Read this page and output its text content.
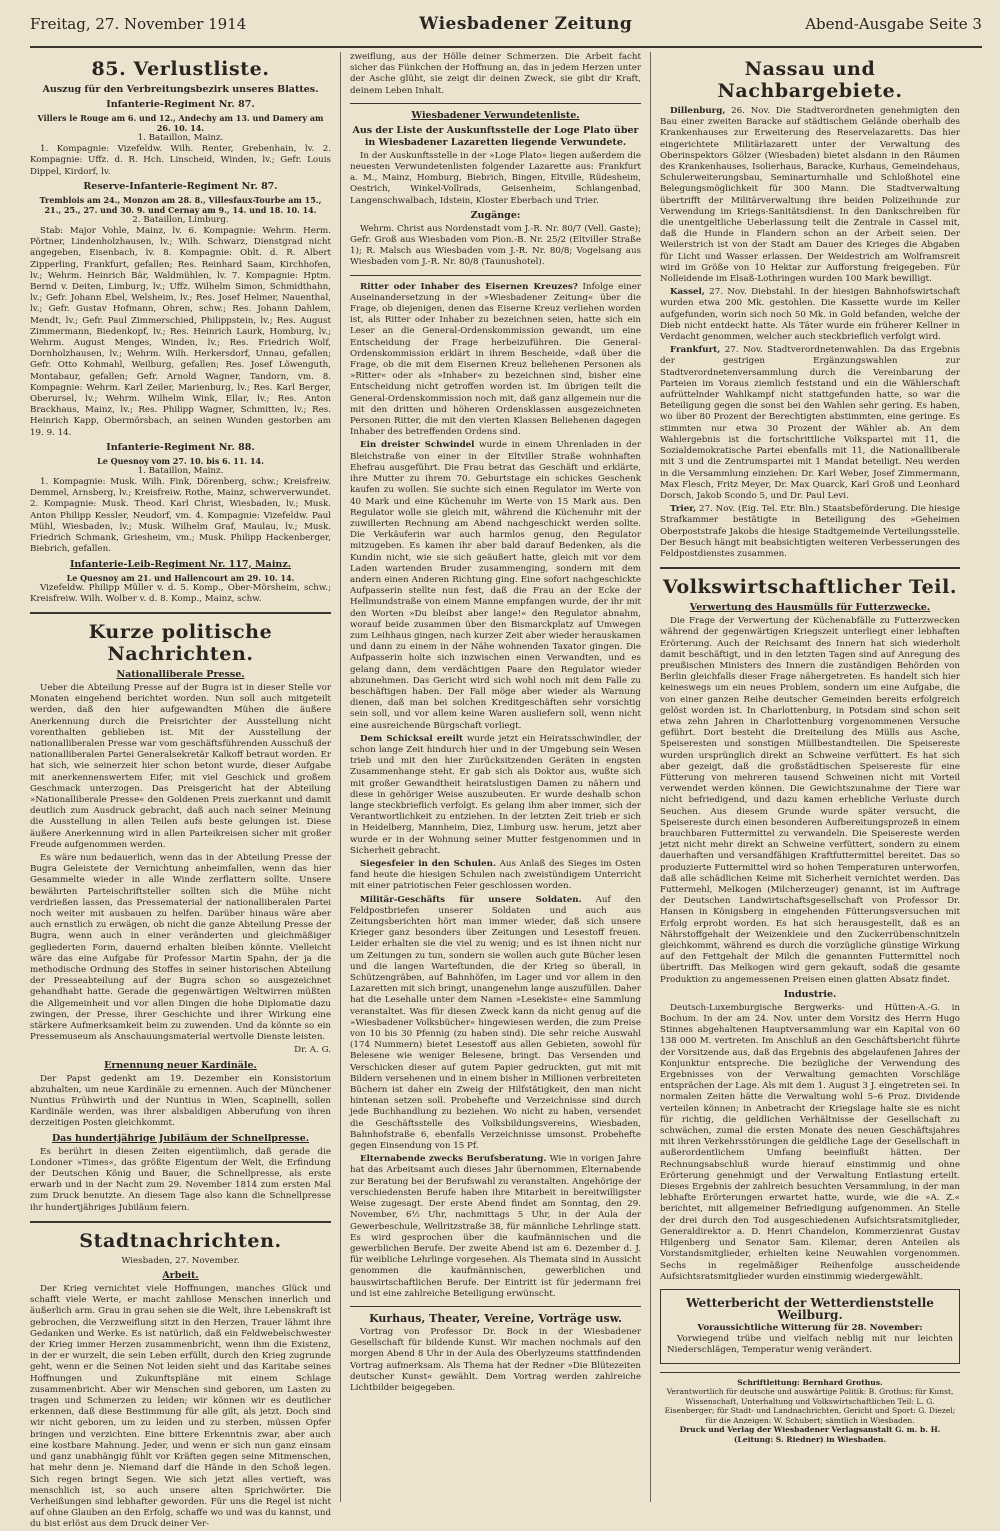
Freitag, 27. November 1914	Wiesbadener Zeitung	Abend-Ausgabe Seite 3
85. Verlustliste.
Auszug für den Verbreitungsbezirk unseres Blattes.
Infanterie-Regiment Nr. 87.
Villers le Rouge am 6. und 12., Andechy am 13. und Damery am 26. 10. 14.
1. Bataillon, Mainz.

1. Kompagnie: Vizefeldw. Wilh. Renter, Grebenhain, lv. 2. Kompagnie: Uffz. d. R. Hch. Linscheid, Winden, lv.; Gefr. Louis Dippel, Kirdorf, lv.

Reserve-Infanterie-Regiment Nr. 87.
Tremblois am 24., Monzon am 28. 8., Villesfaux-Tourbe am 15., 21., 25., 27. und 30. 9. und Cernay am 9., 14. und 18. 10. 14.
2. Bataillon, Limburg.

Stab: Major Vohle, Mainz, lv. 6. Kompagnie: Wehrm. Herm. Pörtner, Lindenholzhausen, lv.; Wilh. Schwarz, Dienstgrad nicht angegeben, Eisenbach, lv. 8. Kompagnie: Oblt. d. R. Albert Zipperling, Frankfurt, gefallen; Res. Reinhard Saam, Kirchhofen, lv.; Wehrm. Heinrich Bär, Waldmühlen, lv. 7. Kompagnie: Hptm. Bernd v. Deiten, Limburg, lv.; Uffz. Wilhelm Simon, Schmidthahn, lv.; Gefr. Johann Ebel, Welsheim, lv.; Res. Josef Helmer, Nauenthal, lv.; Gefr. Gustav Hofmann, Ohren, schw.; Res. Johann Dahlem, Mendt, lv.; Gefr. Paul Zimmerschied, Philippstein, lv.; Res. August Zimmermann, Biedenkopf, lv.; Res. Heinrich Laurk, Homburg, lv.; Wehrm. August Menges, Winden, lv.; Res. Friedrich Wolf, Dornholzhausen, lv.; Wehrm. Wilh. Herkersdorf, Unnau, gefallen; Gefr. Otto Kohmahl, Weilburg, gefallen; Res. Josef Löwenguth, Montabaur, gefallen; Gefr. Arnold Wagner, Tandorn, vm. 8. Kompagnie: Wehrm. Karl Zeiler, Marienburg, lv.; Res. Karl Berger, Oberursel, lv.; Wehrm. Wilhelm Wink, Ellar, lv.; Res. Anton Brackhaus, Mainz, lv.; Res. Philipp Wagner, Schmitten, lv.; Res. Heinrich Kapp, Obermörsbach, an seinen Wunden gestorben am 19. 9. 14.

Infanterie-Regiment Nr. 88.
Le Quesnoy vom 27. 10. bis 6. 11. 14.
1. Bataillon, Mainz.

1. Kompagnie: Musk. Wilh. Fink, Dörenberg, schw.; Kreisfreiw. Demmel, Arnsberg, lv.; Kreisfreiw. Rothe, Mainz, schwerverwundet. 2. Kompagnie: Musk. Theod. Karl Christ, Wiesbaden, lv.; Musk. Anton Philipp Kessler, Neudorf, vm. 4. Kompagnie: Vizefeldw. Paul Mühl, Wiesbaden, lv.; Musk. Wilhelm Graf, Maulau, lv.; Musk. Friedrich Schmank, Griesheim, vm.; Musk. Philipp Hackenberger, Biebrich, gefallen.

Infanterie-Leib-Regiment Nr. 117, Mainz.
Le Quesnoy am 21. und Hallencourt am 29. 10. 14.

Vizefeldw. Philipp Müller v. d. 5. Komp., Ober-Mörsheim, schw.; Kreisfreiw. Wilh. Wolber v. d. 8. Komp., Mainz, schw.

Kurze politische Nachrichten.
Nationalliberale Presse.

Ueber die Abteilung Presse auf der Bugra ist in dieser Stelle vor Monaten eingehend berichtet worden. Nun soll auch mitgeteilt werden, daß den hier aufgewandten Mühen die äußere Anerkennung durch die Preisrichter der Ausstellung nicht vorenthalten geblieben ist. Mit der Ausstellung der nationalliberalen Presse war vom geschäftsführenden Ausschuß der nationalliberalen Partei Generalsekretär Kalkoff betraut worden. Er hat sich, wie seinerzeit hier schon betont wurde, dieser Aufgabe mit anerkennenswertem Eifer, mit viel Geschick und großem Geschmack unterzogen. Das Preisgericht hat der Abteilung »Nationalliberale Presse« den Goldenen Preis zuerkannt und damit deutlich zum Ausdruck gebracht, daß auch nach seiner Meinung die Ausstellung in allen Teilen aufs beste gelungen ist. Diese äußere Anerkennung wird in allen Parteikreisen sicher mit großer Freude aufgenommen werden.

Es wäre nun bedauerlich, wenn das in der Abteilung Presse der Bugra Geleistete der Vernichtung anheimfallen, wenn das hier Gesammelte wieder in alle Winde zerflattern sollte. Unsere bewährten Parteischriftsteller sollten sich die Mühe nicht verdrießen lassen, das Pressematerial der nationalliberalen Partei noch weiter mit ausbauen zu helfen. Darüber hinaus wäre aber auch ernstlich zu erwägen, ob nicht die ganze Abteilung Presse der Bugra, wenn auch in einer veränderten und gleichmäßiger gegliederten Form, dauernd erhalten bleiben könnte. Vielleicht wäre das eine Aufgabe für Professor Martin Spahn, der ja die methodische Ordnung des Stoffes in seiner historischen Abteilung der Presseabteilung auf der Bugra schon so ausgezeichnet gehandhabt hatte. Gerade die gegenwärtigen Weltwirren müßten die Allgemeinheit und vor allen Dingen die hohe Diplomatie dazu zwingen, der Presse, ihrer Geschichte und ihrer Wirkung eine stärkere Aufmerksamkeit beim zu zuwenden. Und da könnte so ein Pressemuseum als Anschauungsmaterial wertvolle Dienste leisten.

Dr. A. G.
Ernennung neuer Kardinäle.

Der Papst gedenkt am 19. Dezember ein Konsistorium abzuhalten, um neue Kardinäle zu ernennen. Auch der Münchener Nuntius Frühwirth und der Nuntius in Wien, Scapinelli, sollen Kardinäle werden, was ihrer alsbaldigen Abberufung von ihren derzeitigen Posten gleichkommt.

Das hundertjährige Jubiläum der Schnellpresse.

Es berührt in diesen Zeiten eigentümlich, daß gerade die Londoner »Times«, das größte Eigentum der Welt, die Erfindung der Deutschen König und Bauer, die Schnellpresse, als erste erwarb und in der Nacht zum 29. November 1814 zum ersten Mal zum Druck benutzte. An diesem Tage also kann die Schnellpresse ihr hundertjähriges Jubiläum feiern.

Stadtnachrichten.
Wiesbaden, 27. November.
Arbeit.

Der Krieg vernichtet viele Hoffnungen, manches Glück und schafft viele Werte, er macht zahllose Menschen innerlich und äußerlich arm. Grau in grau sehen sie die Welt, ihre Lebenskraft ist gebrochen, die Verzweiflung sitzt in den Herzen, Trauer lähmt ihre Gedanken und Werke. Es ist natürlich, daß ein Feldwebelschwester der Krieg immer Herzen zusammenbricht, wenn ihm die Existenz, in der er wurzelt, die sein Leben erfüllt, durch den Krieg zugrunde geht, wenn er die Seinen Not leiden sieht und das Karitabe seines Hoffnungen und Zukunftspläne mit einem Schlage zusammenbricht. Aber wir Menschen sind geboren, um Lasten zu tragen und Schmerzen zu leiden; wir können wir es deutlicher erkennen, daß diese Bestimmung für alle gilt, als jetzt. Doch sind wir nicht geboren, um zu leiden und zu sterben, müssen Opfer bringen und verzichten. Eine bittere Erkenntnis zwar, aber auch eine kostbare Mahnung. Jeder, und wenn er sich nun ganz einsam und ganz unabhängig fühlt vor Kräften gegen seine Mitmenschen, hat mehr denn je. Niemand darf die Hände in den Schoß legen. Sich regen bringt Segen. Wie sich jetzt alles vertieft, was menschlich ist, so auch unsere alten Sprichwörter. Die Verheißungen sind lebhafter geworden. Für uns die Regel ist nicht auf ohne Glauben an den Erfolg, schaffe wo und was du kannst, und du bist erlöst aus dem Druck deiner Ver-

zweiflung, aus der Hölle deiner Schmerzen. Die Arbeit facht sicher das Fünkchen der Hoffnung an, das in jedem Herzen unter der Asche glüht, sie zeigt dir deinen Zweck, sie gibt dir Kraft, deinem Leben Inhalt.

Wiesbadener Verwundetenliste.
Aus der Liste der Auskunftsstelle der Loge Plato über in Wiesbadener Lazaretten liegende Verwundete.

In der Auskunftsstelle in der »Loge Plato« liegen außerdem die neuesten Verwundetenlisten folgender Lazarette aus: Frankfurt a. M., Mainz, Homburg, Biebrich, Bingen, Eltville, Rüdesheim, Oestrich, Winkel-Vollrads, Geisenheim, Schlangenbad, Langenschwalbach, Idstein, Kloster Eberbach und Trier.

Zugänge:

Wehrm. Christ aus Nordenstadt vom J.-R. Nr. 80/7 (Vell. Gaste); Gefr. Groß aus Wiesbaden vom Pion.-B. Nr. 25/2 (Eltviller Straße 1); R. Malsch aus Wiesbaden vom J.-R. Nr. 80/8; Vogelsang aus Wiesbaden vom J.-R. Nr. 80/8 (Taunushotel).

Ritter oder Inhaber des Eisernen Kreuzes? Infolge einer Auseinandersetzung in der »Wiesbadener Zeitung« über die Frage, ob diejenigen, denen das Eiserne Kreuz verliehen worden ist, als Ritter oder Inhaber zu bezeichnen seien, hatte sich ein Leser an die General-Ordenskommission gewandt, um eine Entscheidung der Frage herbeizuführen. Die General-Ordenskommission erklärt in ihrem Bescheide, »daß über die Frage, ob die mit dem Eisernen Kreuz beliehenen Personen als »Ritter« oder als »Inhaber« zu bezeichnen sind, bisher eine Entscheidung nicht getroffen worden ist. Im übrigen teilt die General-Ordenskommission noch mit, daß ganz allgemein nur die mit den dritten und höheren Ordensklassen ausgezeichneten Personen Ritter, die mit den vierten Klassen Beliehenen dagegen Inhaber des betreffenden Ordens sind.

Ein dreister Schwindel wurde in einem Uhrenladen in der Bleichstraße von einer in der Eltviller Straße wohnhaften Ehefrau ausgeführt. Die Frau betrat das Geschäft und erklärte, ihre Mutter zu ihrem 70. Geburtstage ein schickes Geschenk kaufen zu wollen. Sie suchte sich einen Regulator im Werte von 40 Mark und eine Küchenuhr im Werte von 15 Mark aus. Den Regulator wolle sie gleich mit, während die Küchenuhr mit der zuwillerten Rechnung am Abend nachgeschickt werden sollte. Die Verkäuferin war auch harmlos genug, den Regulator mitzugeben. Es kamen ihr aber bald darauf Bedenken, als die Kundin nicht, wie sie sich geäußert hatte, gleich mit vor dem Laden wartenden Bruder zusammenging, sondern mit dem andern einen Anderen Richtung ging. Eine sofort nachgeschickte Aufpasserin stellte nun fest, daß die Frau an der Ecke der Hellmundstraße von einem Manne empfangen wurde, der ihr mit den Worten »Du bleibst aber lange!« den Regulator abnahm, worauf beide zusammen über den Bismarckplatz auf Umwegen zum Leihhaus gingen, nach kurzer Zeit aber wieder herauskamen und dann zu einem in der Nähe wohnenden Taxator gingen. Die Aufpasserin holte sich inzwischen einen Verwandten, und es gelang dann, dem verdächtigen Paare den Regulator wieder abzunehmen. Das Gericht wird sich wohl noch mit dem Falle zu beschäftigen haben. Der Fall möge aber wieder als Warnung dienen, daß man bei solchen Kreditgeschäften sehr vorsichtig sein soll, und vor allem keine Waren ausliefern soll, wenn nicht eine ausreichende Bürgschaft vorliegt.

Dem Schicksal ereilt wurde jetzt ein Heiratsschwindler, der schon lange Zeit hindurch hier und in der Umgebung sein Wesen trieb und mit den hier Zurücksitzenden Geräten in engsten Zusammenhange steht. Er gab sich als Doktor aus, wußte sich mit großer Gewandtheit heiratslustigen Damen zu nähern und diese in gehöriger Weise auszubeuten. Er wurde deshalb schon lange steckbrieflich verfolgt. Es gelang ihm aber immer, sich der Verantwortlichkeit zu entziehen. In der letzten Zeit trieb er sich in Heidelberg, Mannheim, Diez, Limburg usw. herum, jetzt aber wurde er in der Wohnung seiner Mutter festgenommen und in Sicherheit gebracht.

Siegesfeier in den Schulen. Aus Anlaß des Sieges im Osten fand heute die hiesigen Schulen nach zweistündigem Unterricht mit einer patriotischen Feier geschlossen worden.

Militär-Geschäfts für unsere Soldaten. Auf den Feldpostbriefen unserer Soldaten und auch aus Zeitungsberichten hört man immer wieder, daß sich unsere Krieger ganz besonders über Zeitungen und Lesestoff freuen. Leider erhalten sie die viel zu wenig; und es ist ihnen nicht nur um Zeitungen zu tun, sondern sie wollen auch gute Bücher lesen und die langen Warteſtunden, die der Krieg so überall, in Schützengräben, auf Bahnhöfen, im Lager und vor allem in den Lazaretten mit sich bringt, unangenehm lange auszufüllen. Daher hat die Lesehalle unter dem Namen »Lesekiste« eine Sammlung veranstaltet. Was für diesen Zweck kann da nicht genug auf die »Wiesbadener Volksbücher« hingewiesen werden, die zum Preise von 10 bis 30 Pfennig (zu haben sind). Die sehr reiche Auswahl (174 Nummern) bietet Lesestoff aus allen Gebieten, sowohl für Belesene wie weniger Belesene, bringt. Das Versenden und Verschicken dieser auf gutem Papier gedruckten, gut mit mit Bildern versehenen und in einem bisher in Millionen verbreiteten Büchern ist daher ein Zweig der Hilfstätigkeit, den man nicht hintenan setzen soll. Probehefte und Verzeichnisse sind durch jede Buchhandlung zu beziehen. Wo nicht zu haben, versendet die Geschäftsstelle des Volksbildungsvereins, Wiesbaden, Bahnhofstraße 6, ebenfalls Verzeichnisse umsonst. Probehefte gegen Einsendung von 15 Pf.

Elternabende zwecks Berufsberatung. Wie in vorigen Jahre hat das Arbeitsamt auch dieses Jahr übernommen, Elternabende zur Beratung bei der Berufswahl zu veranstalten. Angehörige der verschiedensten Berufe haben ihre Mitarbeit in bereitwilligster Weise zugesagt. Der erste Abend findet am Sonntag, den 29. November, 6½ Uhr, nachmittags 5 Uhr, in der Aula der Gewerbeschule, Wellritzstraße 38, für männliche Lehrlinge statt. Es wird gesprochen über die kaufmännischen und die gewerblichen Berufe. Der zweite Abend ist am 6. Dezember d. J. für weibliche Lehrlinge vorgesehen. Als Themata sind in Aussicht genommen die kaufmännischen, gewerblichen und hauswirtschaftlichen Berufe. Der Eintritt ist für jedermann frei und ist eine zahlreiche Beteiligung erwünscht.

Kurhaus, Theater, Vereine, Vorträge usw.

Vortrag von Professor Dr. Bock in der Wiesbadener Gesellschaft für bildende Kunst. Wir machen nochmals auf den morgen Abend 8 Uhr in der Aula des Oberlyzeums stattfindenden Vortrag aufmerksam. Als Thema hat der Redner »Die Blütezeiten deutscher Kunst« gewählt. Dem Vortrag werden zahlreiche Lichtbilder beigegeben.

Nassau und Nachbargebiete.

Dillenburg, 26. Nov. Die Stadtverordneten genehmigten den Bau einer zweiten Baracke auf städtischem Gelände oberhalb des Krankenhauses zur Erweiterung des Reservelazaretts. Das hier eingerichtete Militärlazarett unter der Verwaltung des Oberinspektors Gölzer (Wiesbaden) bietet alsdann in den Räumen des Krankenhauses, Isolierhaus, Baracke, Kurhaus, Gemeindehaus, Schulerweiterungsbau, Seminarturnhalle und Schloßhotel eine Belegungsmöglichkeit für 300 Mann. Die Stadtverwaltung übertrifft der Militärverwaltung ihre beiden Polizeihunde zur Verwendung im Kriegs-Sanitätsdienst. In den Dankschreiben für die unentgeltliche Ueberlassung teilt die Zentrale in Cassel mit, daß die Hunde in Flandern schon an der Arbeit seien. Der Weilerstrich ist von der Stadt am Dauer des Krieges die Abgaben für Licht und Wasser erlassen. Der Weidestrich am Wolframsreit wird im Größe von 10 Hektar zur Aufforstung freigegeben. Für Nolleidende im Elsaß-Lothringen wurden 100 Mark bewilligt.

Kassel, 27. Nov. Diebstahl. In der hiesigen Bahnhofswirtschaft wurden etwa 200 Mk. gestohlen. Die Kassette wurde im Keller aufgefunden, worin sich noch 50 Mk. in Gold befanden, welche der Dieb nicht entdeckt hatte. Als Täter wurde ein früherer Kellner in Verdacht genommen, welcher auch steckbrieflich verfolgt wird.

Frankfurt, 27. Nov. Stadtverordnetenwahlen. Da das Ergebnis der gestrigen Ergänzungswahlen zur Stadtverordnetenversammlung durch die Vereinbarung der Parteien im Voraus ziemlich feststand und ein die Wählerschaft aufrüttelnder Wahlkampf nicht stattgefunden hatte, so war die Beteiligung gegen die sonst bei den Wahlen sehr gering. Es haben, wo über 80 Prozent der Berechtigten abstimmten, eine geringe. Es stimmten nur etwa 30 Prozent der Wähler ab. An dem Wahlergebnis ist die fortschrittliche Volkspartei mit 11, die Sozialdemokratische Partei ebenfalls mit 11, die Nationalliberale mit 3 und die Zentrumspartei mit 1 Mandat beteiligt. Neu werden in die Versammlung einziehen: Dr. Karl Weber, Josef Zimmermann, Max Flesch, Fritz Meyer, Dr. Max Quarck, Karl Groß und Leonhard Dorsch, Jakob Scondo 5, und Dr. Paul Levi.

Trier, 27. Nov. (Eig. Tel. Etr. Bln.) Staatsbeförderung. Die hiesige Strafkammer bestätigte in Beteiligung des »Geheimen Oberpoststrafe Jakobs die hiesige Stadtgemeinde Verteilungsstelle. Der Besuch hängt mit beabsichtigten weiteren Verbesserungen des Feldpostdienstes zusammen.

Volkswirtschaftlicher Teil.
Verwertung des Hausmülls für Futterzwecke.

Die Frage der Verwertung der Küchenabfälle zu Futterzwecken während der gegenwärtigen Kriegszeit unterliegt einer lebhaften Erörterung. Auch der Reichsamt des Innern hat sich wiederholt damit beschäftigt, und in den letzten Tagen sind auf Anregung des preußischen Ministers des Innern die zuständigen Behörden von Berlin gleichfalls dieser Frage nähergetreten. Es handelt sich hier keineswegs um ein neues Problem, sondern um eine Aufgabe, die von einer ganzen Reihe deutscher Gemeinden bereits erfolgreich gelöst worden ist. In Charlottenburg, in Potsdam sind schon seit etwa zehn Jahren in Charlottenburg vorgenommenen Versuche geführt. Dort besteht die Dreiteilung des Mülls aus Asche, Speiseresten und sonstigen Müllbestandteilen. Die Speisereste wurden ursprünglich direkt an Schweine verfüttert. Es hat sich aber gezeigt, daß die großstädtischen Speisereste für eine Fütterung von mehreren tausend Schweinen nicht mit Vorteil verwendet werden können. Die Gewichtszunahme der Tiere war nicht befriedigend, und dazu kamen erhebliche Verluste durch Seuchen. Aus diesem Grunde wurde später versucht, die Speisereste durch einen besonderen Aufbereitungsprozeß in einem brauchbaren Futtermittel zu verwandeln. Die Speisereste werden jetzt nicht mehr direkt an Schweine verfüttert, sondern zu einem dauerhaften und versandfähigen Kraftfuttermittel bereitet. Das so produzierte Futtermittel wird so hohen Temperaturen unterworfen, daß alle schädlichen Keime mit Sicherheit vernichtet werden. Das Futtermehl, Melkogen (Milcherzeuger) genannt, ist im Auftrage der Deutschen Landwirtschaftsgesellschaft von Professor Dr. Hansen in Königsberg in eingehenden Fütterungsversuchen mit Erfolg erprobt worden. Es hat sich herausgestellt, daß es an Nährstoffgehalt der Weizenkleie und den Zuckerrübenschnitzeln gleichkommt, während es durch die vorzügliche günstige Wirkung auf den Fettgehalt der Milch die genannten Futtermittel noch übertrifft. Das Melkogen wird gern gekauft, sodaß die gesamte Produktion zu angemessenen Preisen einen glatten Absatz findet.

Industrie.

Deutsch-Luxemburgische Bergwerks- und Hütten-A.-G. in Bochum. In der am 24. Nov. unter dem Vorsitz des Herrn Hugo Stinnes abgehaltenen Hauptversammlung war ein Kapital von 60 138 000 M. vertreten. Im Anschluß an den Geschäftsbericht führte der Vorsitzende aus, daß das Ergebnis des abgelaufenen Jahres der Konjunktur entspreche. Die bezügliche der Verwendung des Ergebnisses von der Verwaltung gemachten Vorschläge entsprächen der Lage. Als mit dem 1. August 3 J. eingetreten sei. In normalen Zeiten hätte die Verwaltung wohl 5–6 Proz. Dividende verteilen können; in Anbetracht der Kriegslage halte sie es nicht für richtig, die geldlichen Verhältnisse der Gesellschaft zu schwächen, zumal die ersten Monate des neuen Geschäftsjahres mit ihren Verkehrsstörungen die geldliche Lage der Gesellschaft in außerordentlichem Umfang beeinflußt hätten. Der Rechnungsabschluß wurde hierauf einstimmig und ohne Erörterung genehmigt und der Verwaltung Entlastung erteilt. Dieses Ergebnis der zahlreich besuchten Versammlung, in der man lebhafte Erörterungen erwartet hatte, wurde, wie die »A. Z.« berichtet, mit allgemeiner Befriedigung aufgenommen. An Stelle der drei durch den Tod ausgeschiedenen Aufsichtsratsmitglieder, Generaldirektor a. D. Henri Chandelon, Kommerzienrat Gustav Hilgenberg und Senator Sam. Kilemar, deren Anteilen als Vorstandsmitglieder, erhielten keine Neuwahlen vorgenommen. Sechs in regelmäßiger Reihenfolge ausscheidende Aufsichtsratsmitglieder wurden einstimmig wiedergewählt.

Wetterbericht der Wetterdienststelle Weilburg.
Voraussichtliche Witterung für 28. November:

Vorwiegend trübe und vielfach neblig mit nur leichten Niederschlägen, Temperatur wenig verändert.

Schriftleitung: Bernhard Grothus.
Verantwortlich für deutsche und auswärtige Politik: B. Grothus; für Kunst, Wissenschaft, Unterhaltung und Volkswirtschaftlichen Teil: L. G. Eisenberger; für Stadt- und Landnachrichten, Gericht und Sport: G. Diezel; für die Anzeigen: W. Schubert; sämtlich in Wiesbaden.
Druck und Verlag der Wiesbadener Verlagsanstalt G. m. b. H. (Leitung: S. Riedner) in Wiesbaden.
